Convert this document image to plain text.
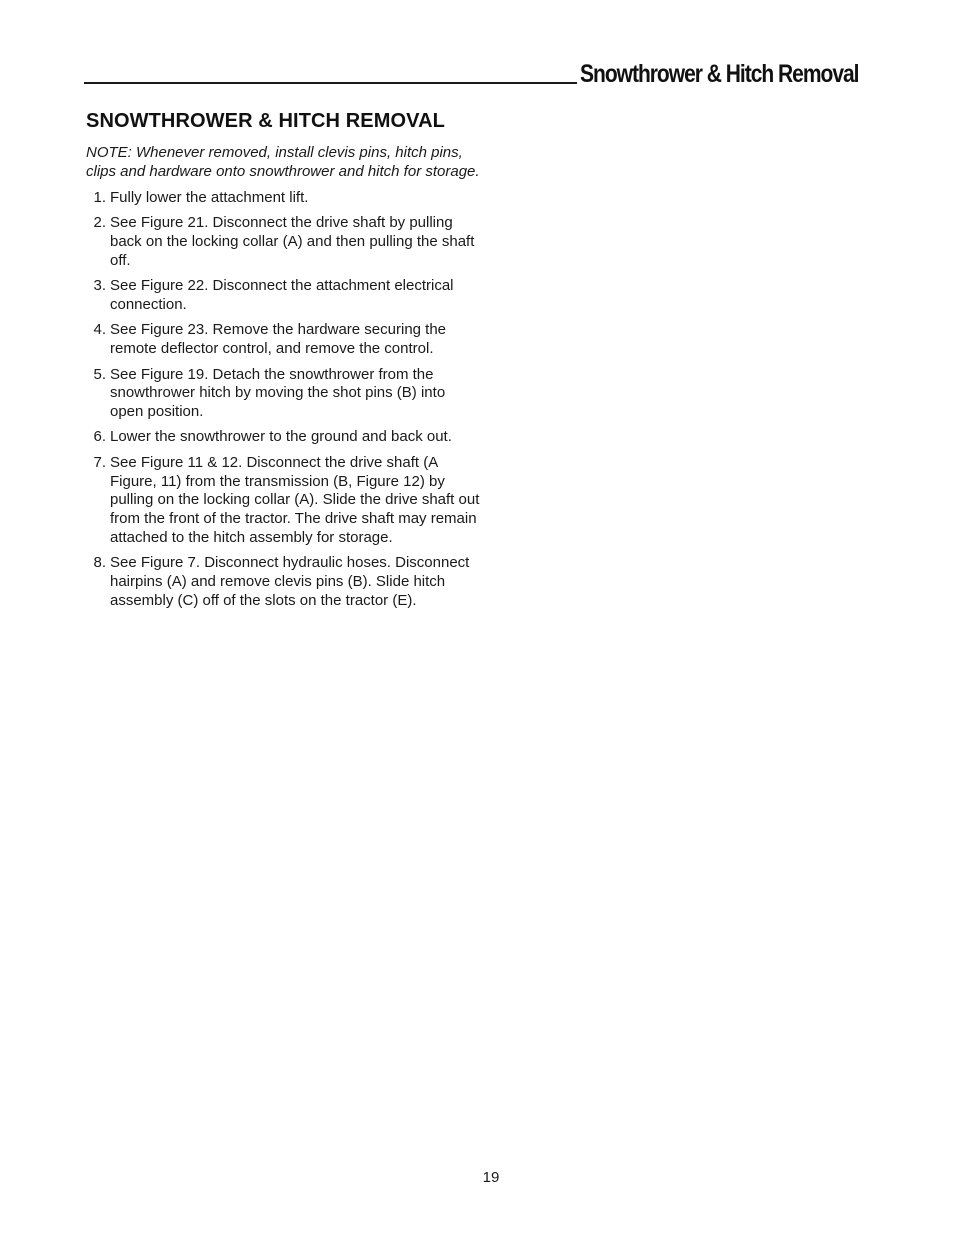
Snowthrower & Hitch Removal
SNOWTHROWER & HITCH REMOVAL

NOTE: Whenever removed, install clevis pins, hitch pins, clips and hardware onto snowthrower and hitch for storage.

1. Fully lower the attachment lift.
2. See Figure 21. Disconnect the drive shaft by pulling back on the locking collar (A) and then pulling the shaft off.
3. See Figure 22. Disconnect the attachment electrical connection.
4. See Figure 23. Remove the hardware securing the remote deflector control, and remove the control.
5. See Figure 19. Detach the snowthrower from the snowthrower hitch by moving the shot pins (B) into open position.
6. Lower the snowthrower to the ground and back out.
7. See Figure 11 & 12. Disconnect the drive shaft (A Figure, 11) from the transmission (B, Figure 12) by pulling on the locking collar (A). Slide the drive shaft out from the front of the tractor. The drive shaft may remain attached to the hitch assembly for storage.
8. See Figure 7. Disconnect hydraulic hoses. Disconnect hairpins (A) and remove clevis pins (B). Slide hitch assembly (C) off of the slots on the tractor (E).
19
